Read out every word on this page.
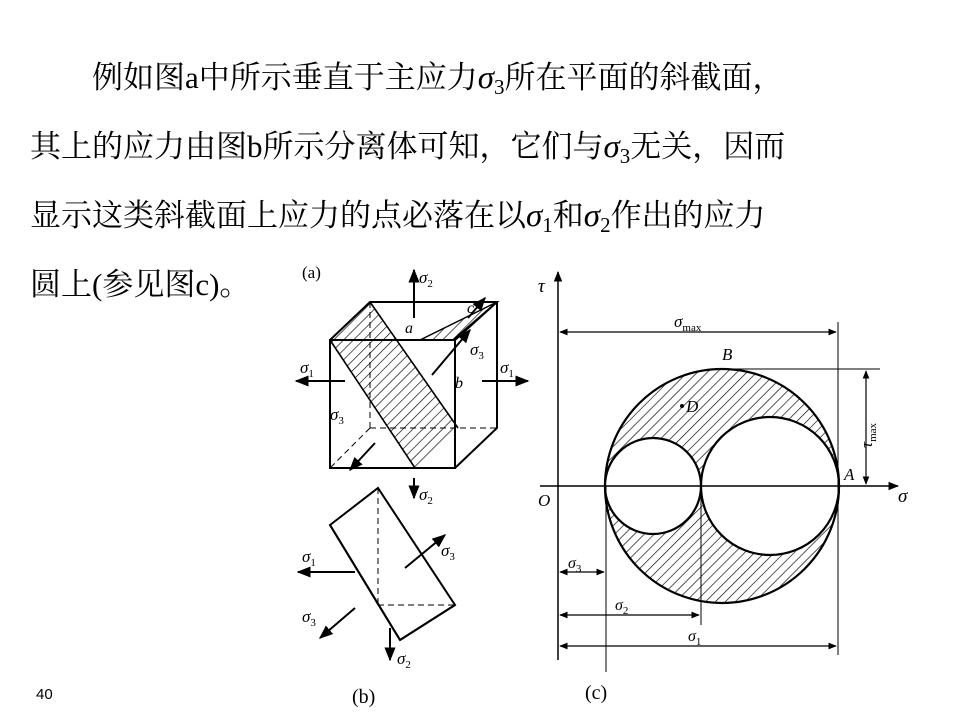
例如图a中所示垂直于主应力$\sigma_3$所在平面的斜截面，
其上的应力由图b所示分离体可知，它们与$\sigma_3$无关，因而
显示这类斜截面上应力的点必落在以$\sigma_1$和$\sigma_2$作出的应力
圆上(参见图c)。
40	(b)	(c)
(a)	$\sigma_2$
$\sigma_2$
$\sigma_1$	$\sigma_1$
$\sigma_3$
$\sigma_3$
a
b
c
$\sigma_1$
$\sigma_3$
$\sigma_3$
$\sigma_2$
τ
σ
O
$\sigma_{max}$
$\tau_{max}$
B
A
D
$\sigma_3$
$\sigma_2$
$\sigma_1$
